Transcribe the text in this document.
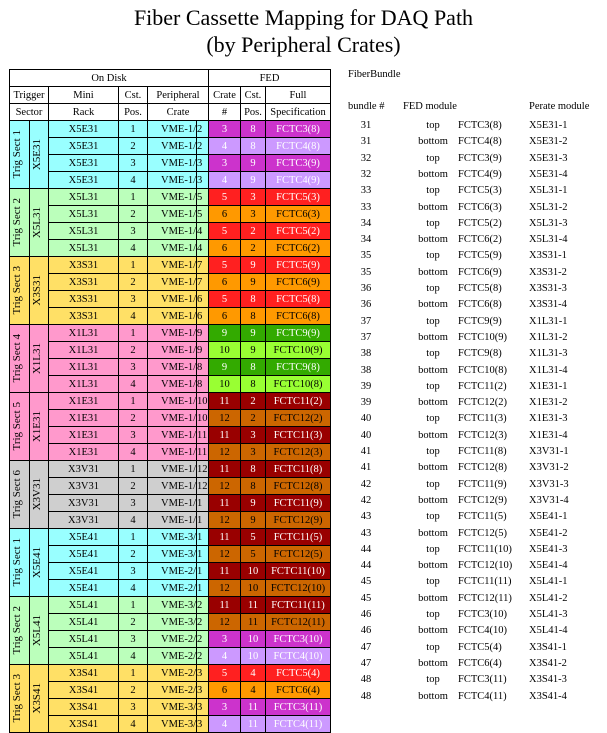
Fiber Cassette Mapping for DAQ Path
(by Peripheral Crates)
On Disk						FED		
Trigger		Mini	Cst.	Peripheral		Crate	Cst.	Full
Sector		Rack	Pos.	Crate		#	Pos.	Specification

Trig Sect 1	X5E31	X5E31	1	VME-1/	2	3	8	FCTC3(8)
		X5E31	2	VME-1/	2	4	8	FCTC4(8)
		X5E31	3	VME-1/	3	3	9	FCTC3(9)
		X5E31	4	VME-1/	3	4	9	FCTC4(9)

Trig Sect 2	X5L31	X5L31	1	VME-1/	5	5	3	FCTC5(3)
		X5L31	2	VME-1/	5	6	3	FCTC6(3)
		X5L31	3	VME-1/	4	5	2	FCTC5(2)
		X5L31	4	VME-1/	4	6	2	FCTC6(2)

Trig Sect 3	X3S31	X3S31	1	VME-1/	7	5	9	FCTC5(9)
		X3S31	2	VME-1/	7	6	9	FCTC6(9)
		X3S31	3	VME-1/	6	5	8	FCTC5(8)
		X3S31	4	VME-1/	6	6	8	FCTC6(8)

Trig Sect 4	X1L31	X1L31	1	VME-1/	9	9	9	FCTC9(9)
		X1L31	2	VME-1/	9	10	9	FCTC10(9)
		X1L31	3	VME-1/	8	9	8	FCTC9(8)
		X1L31	4	VME-1/	8	10	8	FCTC10(8)

Trig Sect 5	X1E31	X1E31	1	VME-1/	10	11	2	FCTC11(2)
		X1E31	2	VME-1/	10	12	2	FCTC12(2)
		X1E31	3	VME-1/	11	11	3	FCTC11(3)
		X1E31	4	VME-1/	11	12	3	FCTC12(3)

Trig Sect 6	X3V31	X3V31	1	VME-1/	12	11	8	FCTC11(8)
		X3V31	2	VME-1/	12	12	8	FCTC12(8)
		X3V31	3	VME-1/	1	11	9	FCTC11(9)
		X3V31	4	VME-1/	1	12	9	FCTC12(9)

Trig Sect 1	X5E41	X5E41	1	VME-3/	1	11	5	FCTC11(5)
		X5E41	2	VME-3/	1	12	5	FCTC12(5)
		X5E41	3	VME-2/	1	11	10	FCTC11(10)
		X5E41	4	VME-2/	1	12	10	FCTC12(10)

Trig Sect 2	X5L41	X5L41	1	VME-3/	2	11	11	FCTC11(11)
		X5L41	2	VME-3/	2	12	11	FCTC12(11)
		X5L41	3	VME-2/	2	3	10	FCTC3(10)
		X5L41	4	VME-2/	2	4	10	FCTC4(10)

Trig Sect 3	X3S41	X3S41	1	VME-2/	3	5	4	FCTC5(4)
		X3S41	2	VME-2/	3	6	4	FCTC6(4)
		X3S41	3	VME-3/	3	3	11	FCTC3(11)
		X3S41	4	VME-3/	3	4	11	FCTC4(11)
FiberBundle
bundle # FED module	Perate module
31	top	FCTC3(8)	X5E31-1
31	bottom FCTC4(8)	X5E31-2
32	top	FCTC3(9)	X5E31-3
32	bottom FCTC4(9)	X5E31-4
33	top	FCTC5(3)	X5L31-1
33	bottom FCTC6(3)	X5L31-2
34	top	FCTC5(2)	X5L31-3
34	bottom FCTC6(2)	X5L31-4
35	top	FCTC5(9)	X3S31-1
35	bottom FCTC6(9)	X3S31-2
36	top	FCTC5(8)	X3S31-3
36	bottom FCTC6(8)	X3S31-4
37	top	FCTC9(9)	X1L31-1
37	bottom FCTC10(9)	X1L31-2
38	top	FCTC9(8)	X1L31-3
38	bottom FCTC10(8)	X1L31-4
39	top	FCTC11(2)	X1E31-1
39	bottom FCTC12(2)	X1E31-2
40	top	FCTC11(3)	X1E31-3
40	bottom FCTC12(3)	X1E31-4
41	top	FCTC11(8)	X3V31-1
41	bottom FCTC12(8)	X3V31-2
42	top	FCTC11(9)	X3V31-3
42	bottom FCTC12(9)	X3V31-4
43	top	FCTC11(5)	X5E41-1
43	bottom FCTC12(5)	X5E41-2
44	top	FCTC11(10)	X5E41-3
44	bottom FCTC12(10)	X5E41-4
45	top	FCTC11(11)	X5L41-1
45	bottom FCTC12(11)	X5L41-2
46	top	FCTC3(10)	X5L41-3
46	bottom FCTC4(10)	X5L41-4
47	top	FCTC5(4)	X3S41-1
47	bottom FCTC6(4)	X3S41-2
48	top	FCTC3(11)	X3S41-3
48	bottom FCTC4(11)	X3S41-4
